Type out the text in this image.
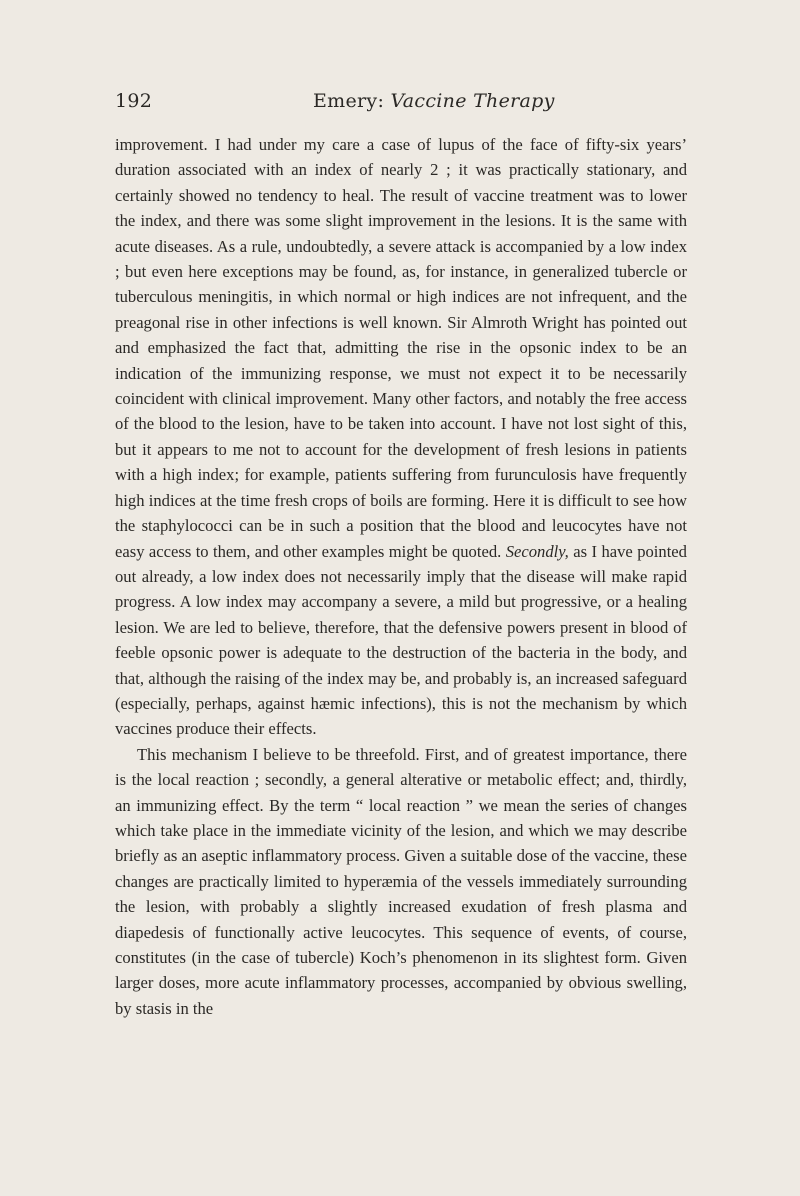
192	Emery: Vaccine Therapy

improvement. I had under my care a case of lupus of the face of fifty-six years’ duration associated with an index of nearly 2 ; it was practically stationary, and certainly showed no tendency to heal. The result of vaccine treatment was to lower the index, and there was some slight improvement in the lesions. It is the same with acute diseases. As a rule, undoubtedly, a severe attack is accompanied by a low index ; but even here exceptions may be found, as, for instance, in generalized tubercle or tuberculous meningitis, in which normal or high indices are not infrequent, and the preagonal rise in other infections is well known. Sir Almroth Wright has pointed out and emphasized the fact that, admitting the rise in the opsonic index to be an indication of the immunizing response, we must not expect it to be necessarily coincident with clinical improvement. Many other factors, and notably the free access of the blood to the lesion, have to be taken into account. I have not lost sight of this, but it appears to me not to account for the development of fresh lesions in patients with a high index; for example, patients suffering from furunculosis have frequently high indices at the time fresh crops of boils are forming. Here it is difficult to see how the staphylococci can be in such a position that the blood and leucocytes have not easy access to them, and other examples might be quoted. Secondly, as I have pointed out already, a low index does not necessarily imply that the disease will make rapid progress. A low index may accompany a severe, a mild but progressive, or a healing lesion. We are led to believe, therefore, that the defensive powers present in blood of feeble opsonic power is adequate to the destruction of the bacteria in the body, and that, although the raising of the index may be, and probably is, an increased safeguard (especially, perhaps, against hæmic infections), this is not the mechanism by which vaccines produce their effects.

This mechanism I believe to be threefold. First, and of greatest importance, there is the local reaction ; secondly, a general alterative or metabolic effect; and, thirdly, an immunizing effect. By the term “ local reaction ” we mean the series of changes which take place in the immediate vicinity of the lesion, and which we may describe briefly as an aseptic inflammatory process. Given a suitable dose of the vaccine, these changes are practically limited to hyperæmia of the vessels immediately surrounding the lesion, with probably a slightly increased exudation of fresh plasma and diapedesis of functionally active leucocytes. This sequence of events, of course, constitutes (in the case of tubercle) Koch’s phenomenon in its slightest form. Given larger doses, more acute inflammatory processes, accompanied by obvious swelling, by stasis in the
